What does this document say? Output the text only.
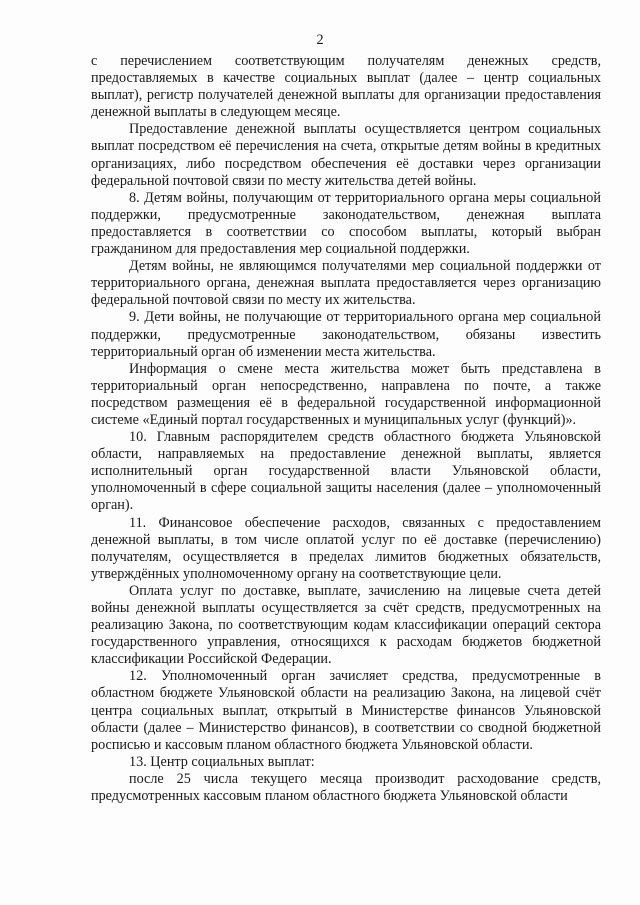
2

с перечислением соответствующим получателям денежных средств, предоставляемых в качестве социальных выплат (далее – центр социальных выплат), регистр получателей денежной выплаты для организации предоставления денежной выплаты в следующем месяце.

Предоставление денежной выплаты осуществляется центром социальных выплат посредством её перечисления на счета, открытые детям войны в кредитных организациях, либо посредством обеспечения её доставки через организации федеральной почтовой связи по месту жительства детей войны.

8. Детям войны, получающим от территориального органа меры социальной поддержки, предусмотренные законодательством, денежная выплата предоставляется в соответствии со способом выплаты, который выбран гражданином для предоставления мер социальной поддержки.

Детям войны, не являющимся получателями мер социальной поддержки от территориального органа, денежная выплата предоставляется через организацию федеральной почтовой связи по месту их жительства.

9. Дети войны, не получающие от территориального органа мер социальной поддержки, предусмотренные законодательством, обязаны известить территориальный орган об изменении места жительства.

Информация о смене места жительства может быть представлена в территориальный орган непосредственно, направлена по почте, а также посредством размещения её в федеральной государственной информационной системе «Единый портал государственных и муниципальных услуг (функций)».

10. Главным распорядителем средств областного бюджета Ульяновской области, направляемых на предоставление денежной выплаты, является исполнительный орган государственной власти Ульяновской области, уполномоченный в сфере социальной защиты населения (далее – уполномоченный орган).

11. Финансовое обеспечение расходов, связанных с предоставлением денежной выплаты, в том числе оплатой услуг по её доставке (перечислению) получателям, осуществляется в пределах лимитов бюджетных обязательств, утверждённых уполномоченному органу на соответствующие цели.

Оплата услуг по доставке, выплате, зачислению на лицевые счета детей войны денежной выплаты осуществляется за счёт средств, предусмотренных на реализацию Закона, по соответствующим кодам классификации операций сектора государственного управления, относящихся к расходам бюджетов бюджетной классификации Российской Федерации.

12. Уполномоченный орган зачисляет средства, предусмотренные в областном бюджете Ульяновской области на реализацию Закона, на лицевой счёт центра социальных выплат, открытый в Министерстве финансов Ульяновской области (далее – Министерство финансов), в соответствии со сводной бюджетной росписью и кассовым планом областного бюджета Ульяновской области.

13. Центр социальных выплат:

после 25 числа текущего месяца производит расходование средств, предусмотренных кассовым планом областного бюджета Ульяновской области
